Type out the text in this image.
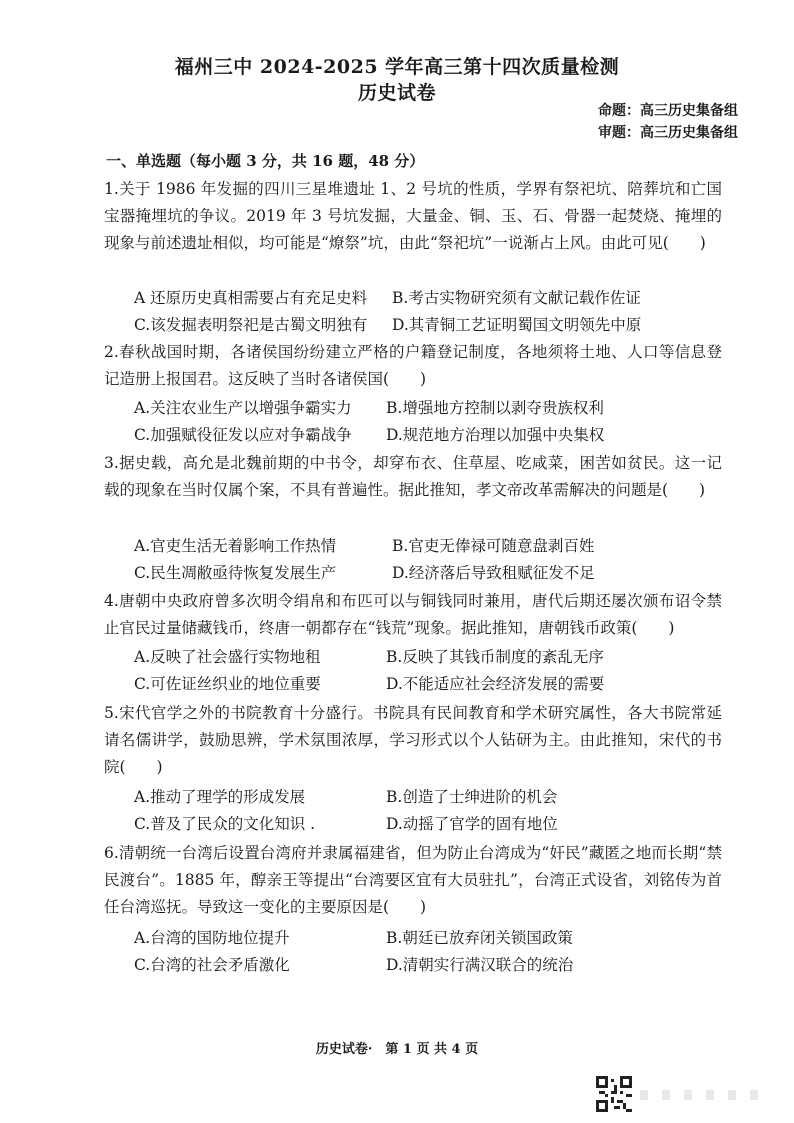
福州三中 2024-2025 学年高三第十四次质量检测
历史试卷
命题：高三历史集备组
审题：高三历史集备组
一、单选题（每小题 3 分，共 16 题，48 分）
1.关于 1986 年发掘的四川三星堆遗址 1、2 号坑的性质，学界有祭祀坑、陪葬坑和亡国宝器掩埋坑的争议。2019 年 3 号坑发掘，大量金、铜、玉、石、骨器一起焚烧、掩埋的现象与前述遗址相似，均可能是“燎祭”坑，由此“祭祀坑”一说渐占上风。由此可见(　　)
A 还原历史真相需要占有充足史料 B.考古实物研究须有文献记载作佐证
C.该发掘表明祭祀是古蜀文明独有 D.其青铜工艺证明蜀国文明领先中原
2.春秋战国时期，各诸侯国纷纷建立严格的户籍登记制度，各地须将土地、人口等信息登记造册上报国君。这反映了当时各诸侯国(　　)
A.关注农业生产以增强争霸实力 B.增强地方控制以剥夺贵族权利
C.加强赋役征发以应对争霸战争 D.规范地方治理以加强中央集权
3.据史载，高允是北魏前期的中书令，却穿布衣、住草屋、吃咸菜，困苦如贫民。这一记载的现象在当时仅属个案，不具有普遍性。据此推知，孝文帝改革需解决的问题是(　　)
A.官吏生活无着影响工作热情	B.官吏无俸禄可随意盘剥百姓
C.民生凋敝亟待恢复发展生产	D.经济落后导致租赋征发不足
4.唐朝中央政府曾多次明令绢帛和布匹可以与铜钱同时兼用，唐代后期还屡次颁布诏令禁止官民过量储藏钱币，终唐一朝都存在“钱荒”现象。据此推知，唐朝钱币政策(　　)
A.反映了社会盛行实物地租	B.反映了其钱币制度的紊乱无序
C.可佐证丝织业的地位重要	D.不能适应社会经济发展的需要
5.宋代官学之外的书院教育十分盛行。书院具有民间教育和学术研究属性，各大书院常延请名儒讲学，鼓励思辨，学术氛围浓厚，学习形式以个人钻研为主。由此推知，宋代的书院(　　)
A.推动了理学的形成发展	B.创造了士绅进阶的机会
C.普及了民众的文化知识 .	D.动摇了官学的固有地位
6.清朝统一台湾后设置台湾府并隶属福建省，但为防止台湾成为“奸民”藏匿之地而长期“禁民渡台”。1885 年，醇亲王等提出“台湾要区宜有大员驻扎”，台湾正式设省，刘铭传为首任台湾巡抚。导致这一变化的主要原因是(　　)
A.台湾的国防地位提升	B.朝廷已放弃闭关锁国政策
C.台湾的社会矛盾激化	D.清朝实行满汉联合的统治
历史试卷·　第 1 页 共 4 页
